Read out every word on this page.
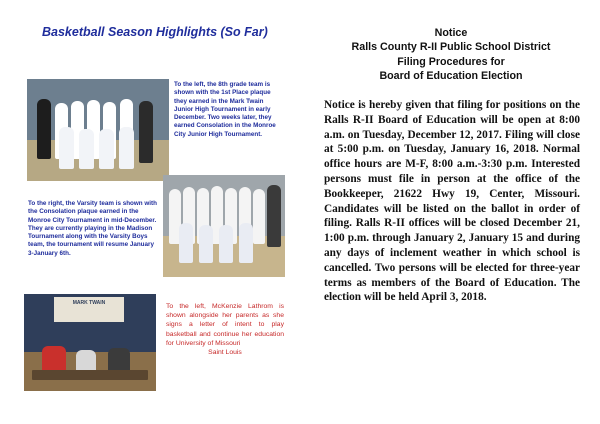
Basketball Season Highlights (So Far)
To the left, the 8th grade team is shown with the 1st Place plaque they earned in the Mark Twain Junior High Tournament in early December. Two weeks later, they earned Consolation in the Monroe City Junior High Tournament.
To the right, the Varsity team is shown with the Consolation plaque earned in the Monroe City Tournament in mid-December. They are currently playing in the Madison Tournament along with the Varsity Boys team, the tournament will resume January 3-January 6th.
MARK TWAIN	To the left, McKenzie Lathrom is shown alongside her parents as she signs a letter of intent to play basketball and continue her education for University of Missouri
Saint Louis
Notice
Ralls County R-II Public School District
Filing Procedures for
Board of Education Election
Notice is hereby given that filing for positions on the Ralls R-II Board of Education will be open at 8:00 a.m. on Tuesday, December 12, 2017. Filing will close at 5:00 p.m. on Tuesday, January 16, 2018. Normal office hours are M-F, 8:00 a.m.-3:30 p.m. Interested persons must file in person at the office of the Bookkeeper, 21622 Hwy 19, Center, Missouri. Candidates will be listed on the ballot in order of filing. Ralls R-II offices will be closed December 21, 1:00 p.m. through January 2, January 15 and during any days of inclement weather in which school is cancelled. Two persons will be elected for three-year terms as members of the Board of Education. The election will be held April 3, 2018.
